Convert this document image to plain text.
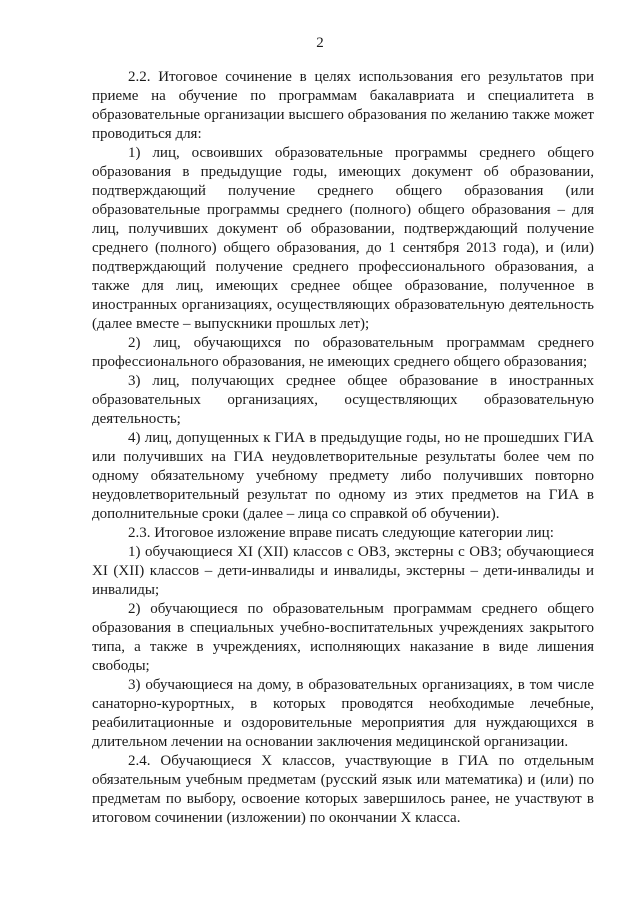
2

2.2. Итоговое сочинение в целях использования его результатов при приеме на обучение по программам бакалавриата и специалитета в образовательные организации высшего образования по желанию также может проводиться для:

1) лиц, освоивших образовательные программы среднего общего образования в предыдущие годы, имеющих документ об образовании, подтверждающий получение среднего общего образования (или образовательные программы среднего (полного) общего образования – для лиц, получивших документ об образовании, подтверждающий получение среднего (полного) общего образования, до 1 сентября 2013 года), и (или) подтверждающий получение среднего профессионального образования, а также для лиц, имеющих среднее общее образование, полученное в иностранных организациях, осуществляющих образовательную деятельность (далее вместе – выпускники прошлых лет);

2) лиц, обучающихся по образовательным программам среднего профессионального образования, не имеющих среднего общего образования;

3) лиц, получающих среднее общее образование в иностранных образовательных организациях, осуществляющих образовательную деятельность;

4) лиц, допущенных к ГИА в предыдущие годы, но не прошедших ГИА или получивших на ГИА неудовлетворительные результаты более чем по одному обязательному учебному предмету либо получивших повторно неудовлетворительный результат по одному из этих предметов на ГИА в дополнительные сроки (далее – лица со справкой об обучении).

2.3. Итоговое изложение вправе писать следующие категории лиц:

1) обучающиеся XI (XII) классов с ОВЗ, экстерны с ОВЗ; обучающиеся XI (XII) классов – дети-инвалиды и инвалиды, экстерны – дети-инвалиды и инвалиды;

2) обучающиеся по образовательным программам среднего общего образования в специальных учебно-воспитательных учреждениях закрытого типа, а также в учреждениях, исполняющих наказание в виде лишения свободы;

3) обучающиеся на дому, в образовательных организациях, в том числе санаторно-курортных, в которых проводятся необходимые лечебные, реабилитационные и оздоровительные мероприятия для нуждающихся в длительном лечении на основании заключения медицинской организации.

2.4. Обучающиеся X классов, участвующие в ГИА по отдельным обязательным учебным предметам (русский язык или математика) и (или) по предметам по выбору, освоение которых завершилось ранее, не участвуют в итоговом сочинении (изложении) по окончании X класса.
